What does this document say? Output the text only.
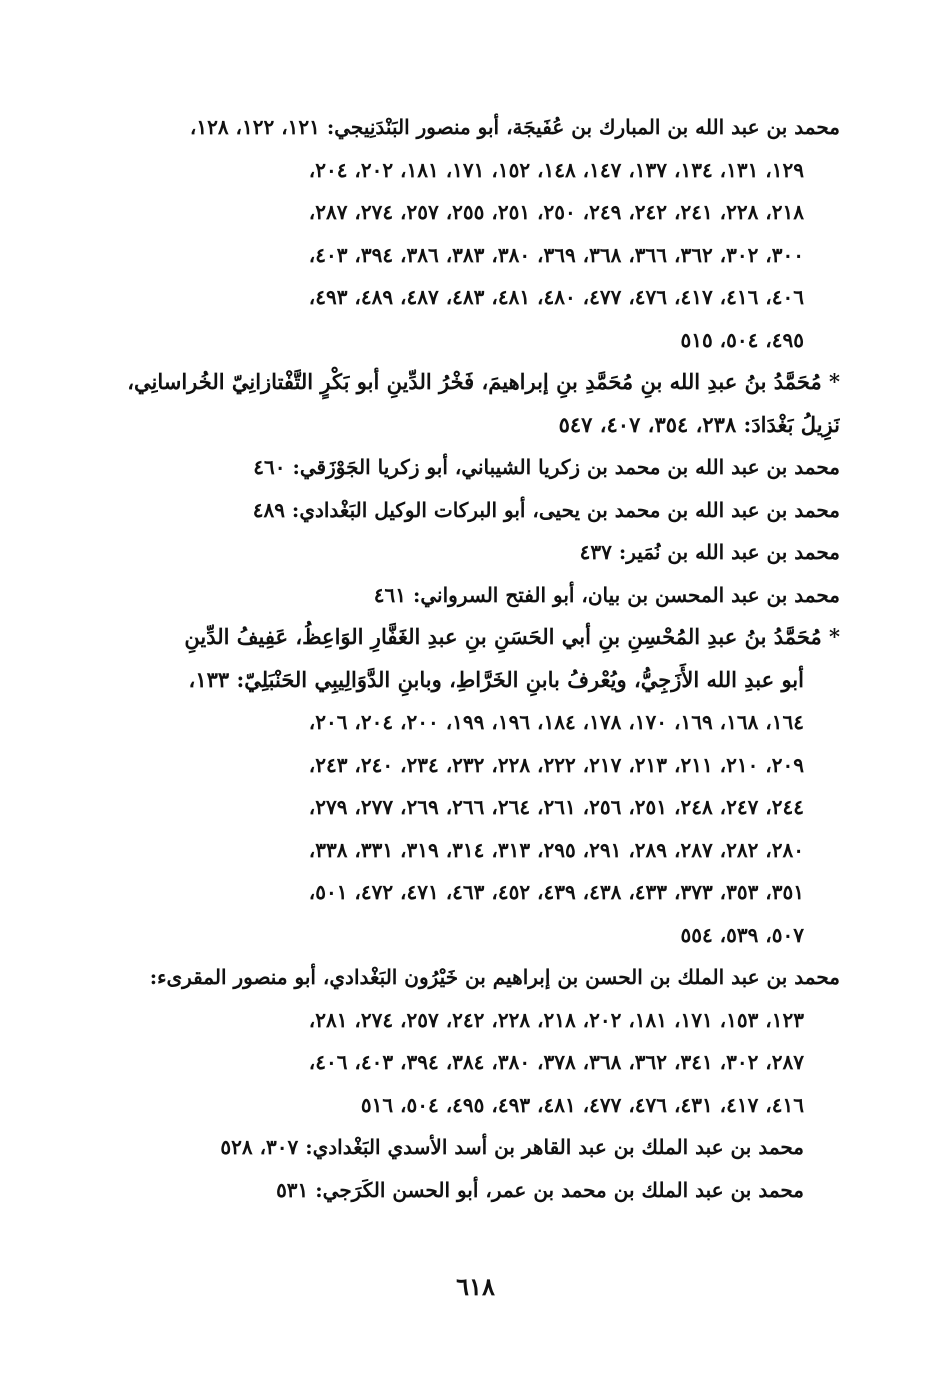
محمد بن عبد الله بن المبارك بن عُفَيجَة، أبو منصور البَنْدَنِيجي: ١٢١، ١٢٢، ١٢٨،
١٢٩، ١٣١، ١٣٤، ١٣٧، ١٤٧، ١٤٨، ١٥٢، ١٧١، ١٨١، ٢٠٢، ٢٠٤،
٢١٨، ٢٢٨، ٢٤١، ٢٤٢، ٢٤٩، ٢٥٠، ٢٥١، ٢٥٥، ٢٥٧، ٢٧٤، ٢٨٧،
٣٠٠، ٣٠٢، ٣٦٢، ٣٦٦، ٣٦٨، ٣٦٩، ٣٨٠، ٣٨٣، ٣٨٦، ٣٩٤، ٤٠٣،
٤٠٦، ٤١٦، ٤١٧، ٤٧٦، ٤٧٧، ٤٨٠، ٤٨١، ٤٨٣، ٤٨٧، ٤٨٩، ٤٩٣،
٤٩٥، ٥٠٤، ٥١٥
* مُحَمَّدُ بنُ عبدِ الله بنِ مُحَمَّدِ بنِ إبراهيمَ، فَخْرُ الدِّينِ أبو بَكْرٍ التَّفْتازانِيّ الخُراسانِي،
نَزِيلُ بَغْدَادَ: ٢٣٨، ٣٥٤، ٤٠٧، ٥٤٧
محمد بن عبد الله بن محمد بن زكريا الشيباني، أبو زكريا الجَوْزَقي: ٤٦٠
محمد بن عبد الله بن محمد بن يحيى، أبو البركات الوكيل البَغْدادي: ٤٨٩
محمد بن عبد الله بن نُمَير: ٤٣٧
محمد بن عبد المحسن بن بيان، أبو الفتح السرواني: ٤٦١
* مُحَمَّدُ بنُ عبدِ المُحْسِنِ بنِ أبي الحَسَنِ بنِ عبدِ الغَفَّارِ الوَاعِظُ، عَفِيفُ الدِّينِ
أبو عبدِ الله الأَزَجِيُّ، ويُعْرفُ بابنِ الخَرَّاطِ، وبابنِ الدَّوَالِيبِي الحَنْبَلِيّ: ١٣٣،
١٦٤، ١٦٨، ١٦٩، ١٧٠، ١٧٨، ١٨٤، ١٩٦، ١٩٩، ٢٠٠، ٢٠٤، ٢٠٦،
٢٠٩، ٢١٠، ٢١١، ٢١٣، ٢١٧، ٢٢٢، ٢٢٨، ٢٣٢، ٢٣٤، ٢٤٠، ٢٤٣،
٢٤٤، ٢٤٧، ٢٤٨، ٢٥١، ٢٥٦، ٢٦١، ٢٦٤، ٢٦٦، ٢٦٩، ٢٧٧، ٢٧٩،
٢٨٠، ٢٨٢، ٢٨٧، ٢٨٩، ٢٩١، ٢٩٥، ٣١٣، ٣١٤، ٣١٩، ٣٣١، ٣٣٨،
٣٥١، ٣٥٣، ٣٧٣، ٤٣٣، ٤٣٨، ٤٣٩، ٤٥٢، ٤٦٣، ٤٧١، ٤٧٢، ٥٠١،
٥٠٧، ٥٣٩، ٥٥٤
محمد بن عبد الملك بن الحسن بن إبراهيم بن خَيْرُون البَغْدادي، أبو منصور المقرىء:
١٢٣، ١٥٣، ١٧١، ١٨١، ٢٠٢، ٢١٨، ٢٢٨، ٢٤٢، ٢٥٧، ٢٧٤، ٢٨١،
٢٨٧، ٣٠٢، ٣٤١، ٣٦٢، ٣٦٨، ٣٧٨، ٣٨٠، ٣٨٤، ٣٩٤، ٤٠٣، ٤٠٦،
٤١٦، ٤١٧، ٤٣١، ٤٧٦، ٤٧٧، ٤٨١، ٤٩٣، ٤٩٥، ٥٠٤، ٥١٦
محمد بن عبد الملك بن عبد القاهر بن أسد الأسدي البَغْدادي: ٣٠٧، ٥٢٨
محمد بن عبد الملك بن محمد بن عمر، أبو الحسن الكَرَجي: ٥٣١
٦١٨
